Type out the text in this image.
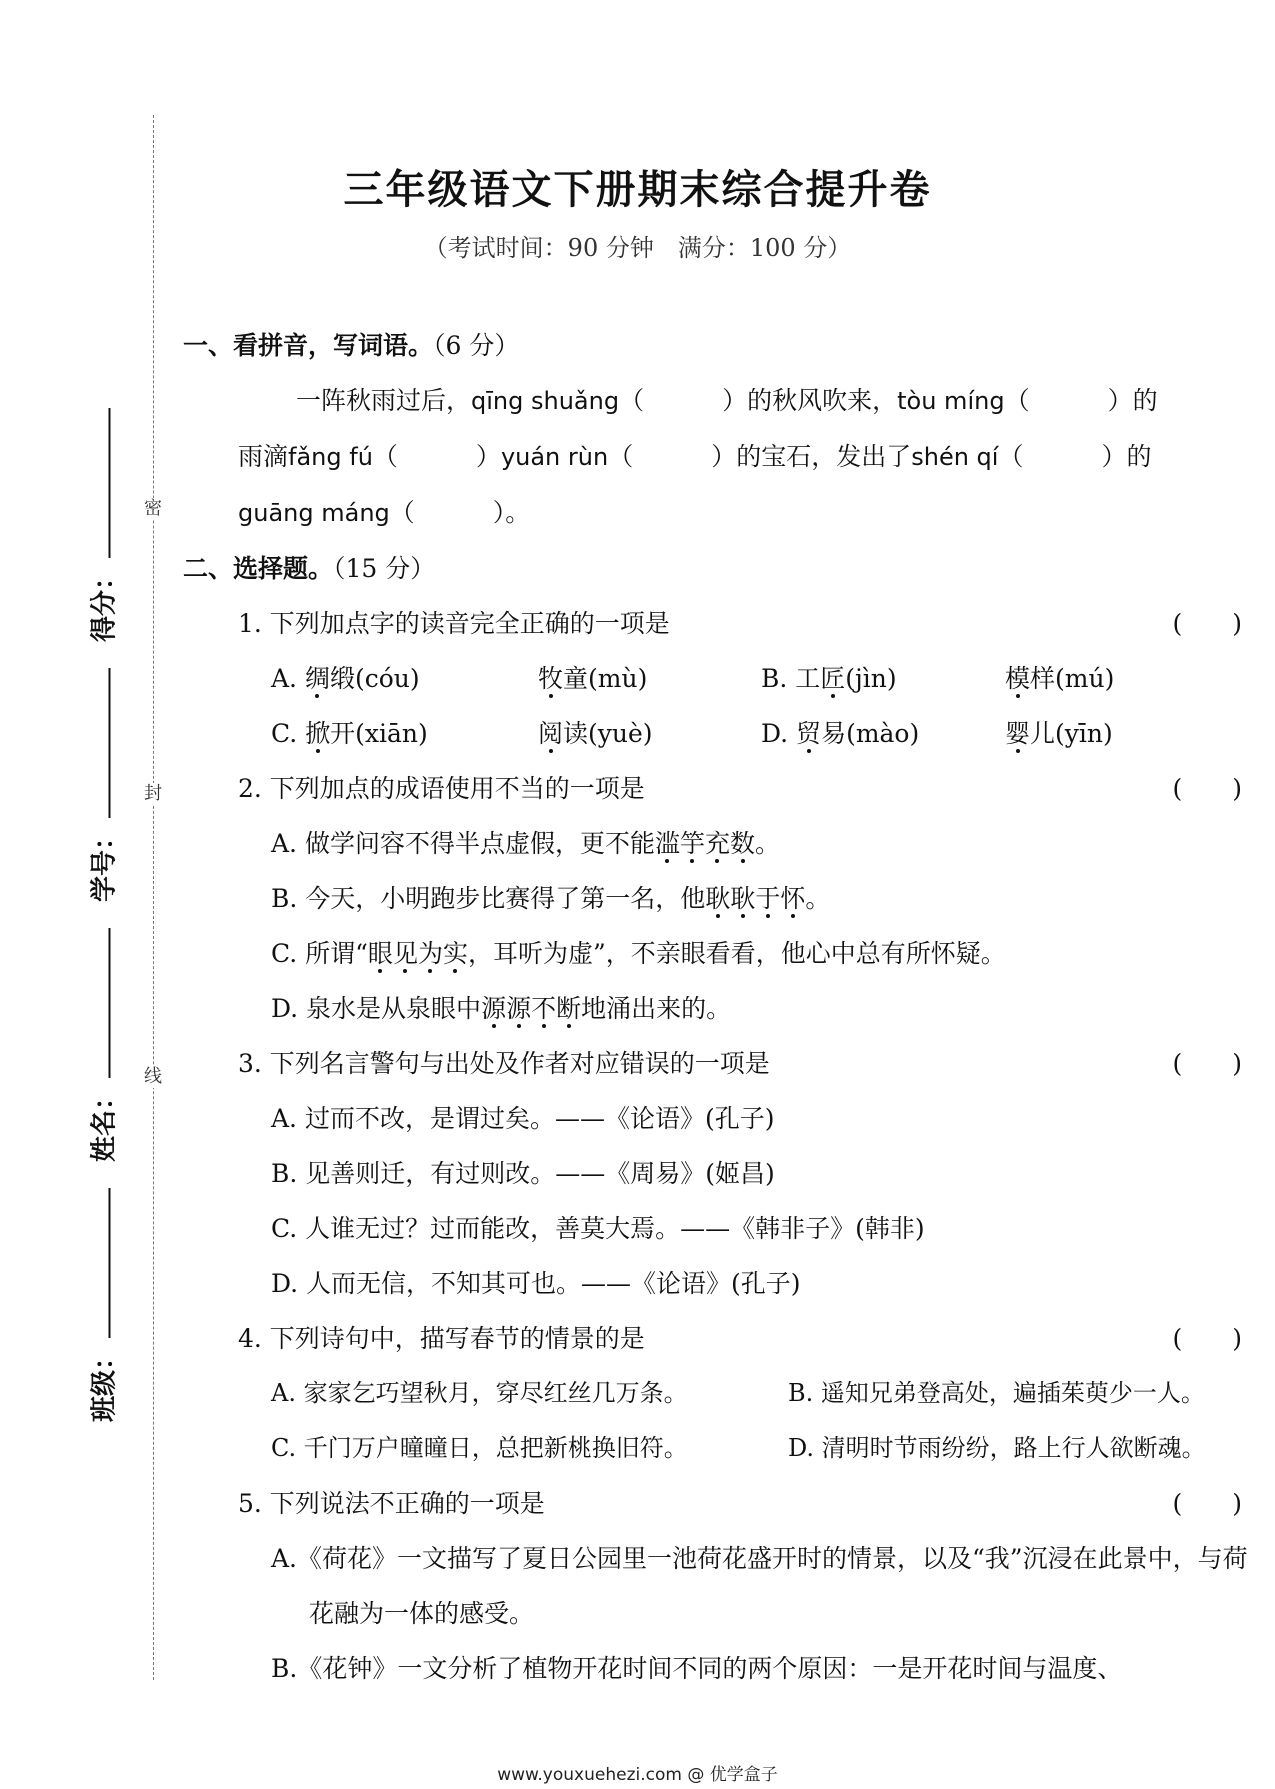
密
封
线
得分：
学号：
姓名：
班级：
三年级语文下册期末综合提升卷
（考试时间：90 分钟　满分：100 分）
一、看拼音，写词语。（6 分）
一阵秋雨过后，qīng shuǎng（	）的秋风吹来，tòu míng（	）的
雨滴fǎng fú（	）yuán rùn（	）的宝石，发出了shén qí（	）的
guāng máng（	）。
二、选择题。（15 分）
1. 下列加点字的读音完全正确的一项是	(　　)
A. 绸缎(cóu)	牧童(mù)	B. 工匠(jìn)	模样(mú)
C. 掀开(xiān)	阅读(yuè)	D. 贸易(mào)	婴儿(yīn)
2. 下列加点的成语使用不当的一项是	(　　)
A. 做学问容不得半点虚假，更不能滥竽充数。
B. 今天，小明跑步比赛得了第一名，他耿耿于怀。
C. 所谓“眼见为实，耳听为虚”，不亲眼看看，他心中总有所怀疑。
D. 泉水是从泉眼中源源不断地涌出来的。
3. 下列名言警句与出处及作者对应错误的一项是	(　　)
A. 过而不改，是谓过矣。——《论语》(孔子)
B. 见善则迁，有过则改。——《周易》(姬昌)
C. 人谁无过？过而能改，善莫大焉。——《韩非子》(韩非)
D. 人而无信，不知其可也。——《论语》(孔子)
4. 下列诗句中，描写春节的情景的是	(　　)
A. 家家乞巧望秋月，穿尽红丝几万条。	B. 遥知兄弟登高处，遍插茱萸少一人。
C. 千门万户曈曈日，总把新桃换旧符。	D. 清明时节雨纷纷，路上行人欲断魂。
5. 下列说法不正确的一项是	(　　)
A.《荷花》一文描写了夏日公园里一池荷花盛开时的情景，以及“我”沉浸在此景中，与荷花融为一体的感受。
B.《花钟》一文分析了植物开花时间不同的两个原因：一是开花时间与温度、
www.youxuehezi.com @ 优学盒子
